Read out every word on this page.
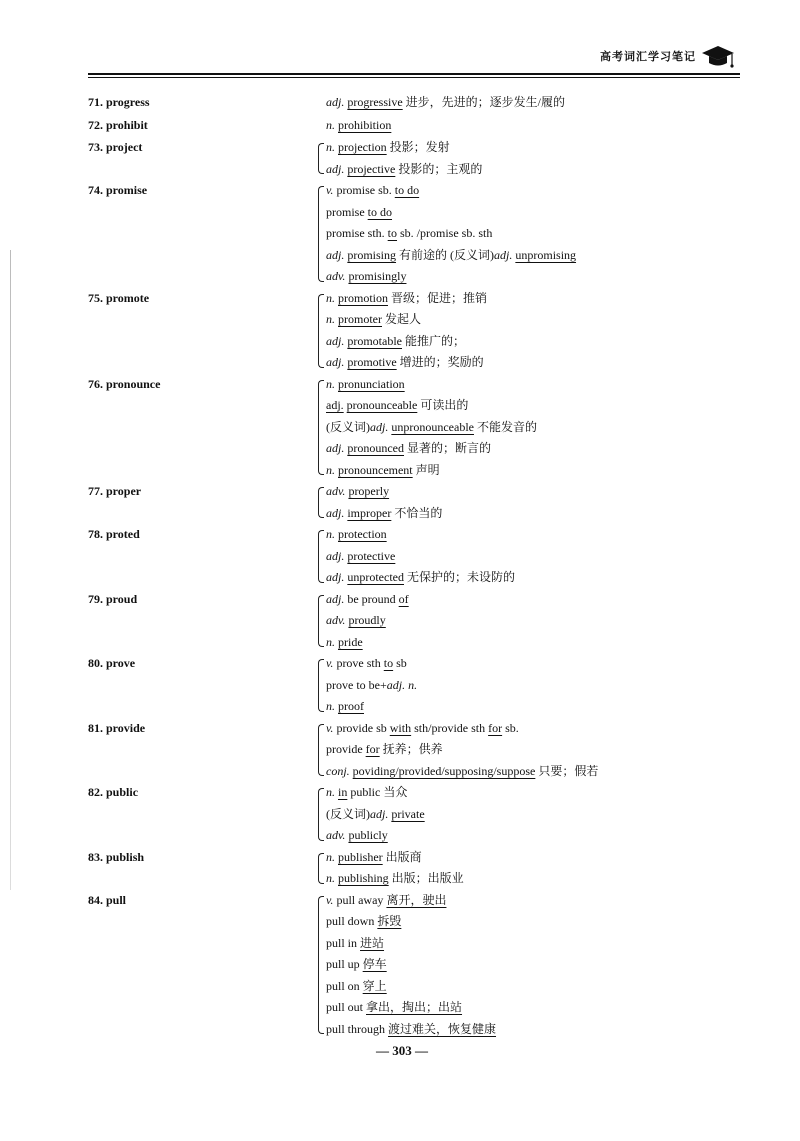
高考词汇学习笔记
71. progress	adj. progressive 进步，先进的；逐步发生/履的
72. prohibit	n. prohibition
73. project	n. projection 投影；发射
adj. projective 投影的；主观的
74. promise	v. promise sb. to do
promise to do
promise sth. to sb. /promise sb. sth
adj. promising 有前途的 (反义词)adj. unpromising
adv. promisingly
75. promote	n. promotion 晋级；促进；推销
n. promoter 发起人
adj. promotable 能推广的；
adj. promotive 增进的；奖励的
76. pronounce	n. pronunciation
adj. pronounceable 可读出的
(反义词)adj. unpronounceable 不能发音的
adj. pronounced 显著的；断言的
n. pronouncement 声明
77. proper	adv. properly
adj. improper 不恰当的
78. proted	n. protection
adj. protective
adj. unprotected 无保护的；未设防的
79. proud	adj. be pround of
adv. proudly
n. pride
80. prove	v. prove sth to sb
prove to be+adj. n.
n. proof
81. provide	v. provide sb with sth/provide sth for sb.
provide for 抚养；供养
conj. poviding/provided/supposing/suppose 只要；假若
82. public	n. in public 当众
(反义词)adj. private
adv. publicly
83. publish	n. publisher 出版商
n. publishing 出版；出版业
84. pull	v. pull away 离开，驶出
pull down 拆毁
pull in 进站
pull up 停车
pull on 穿上
pull out 拿出，掏出；出站
pull through 渡过难关，恢复健康
— 303 —
